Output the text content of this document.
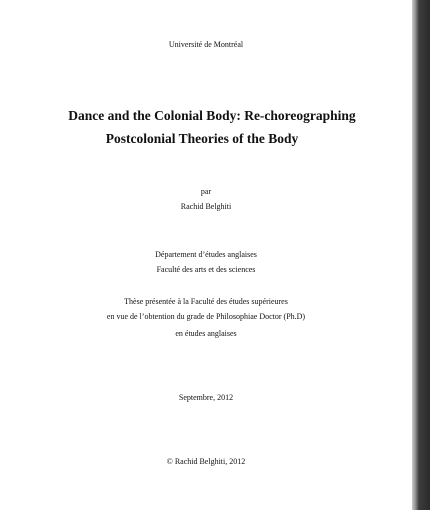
Université de Montréal
Dance and the Colonial Body: Re-choreographing
Postcolonial Theories of the Body
par
Rachid Belghiti
Département d’études anglaises
Faculté des arts et des sciences
Thèse présentée à la Faculté des études supérieures
en vue de l’obtention du grade de Philosophiae Doctor (Ph.D)
en études anglaises
Septembre, 2012
© Rachid Belghiti, 2012
